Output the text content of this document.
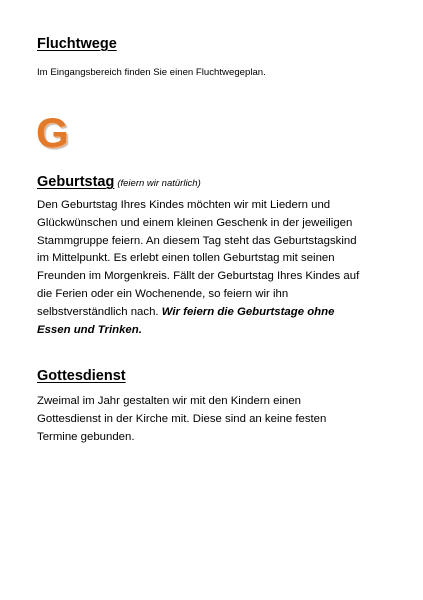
Fluchtwege

Im Eingangsbereich finden Sie einen Fluchtwegeplan.

G
Geburtstag (feiern wir natürlich)
Den Geburtstag Ihres Kindes möchten wir mit Liedern und
Glückwünschen und einem kleinen Geschenk in der jeweiligen
Stammgruppe feiern. An diesem Tag steht das Geburtstagskind
im Mittelpunkt. Es erlebt einen tollen Geburtstag mit seinen
Freunden im Morgenkreis. Fällt der Geburtstag Ihres Kindes auf
die Ferien oder ein Wochenende, so feiern wir ihn
selbstverständlich nach. Wir feiern die Geburtstage ohne
Essen und Trinken.
Gottesdienst
Zweimal im Jahr gestalten wir mit den Kindern einen
Gottesdienst in der Kirche mit. Diese sind an keine festen
Termine gebunden.
